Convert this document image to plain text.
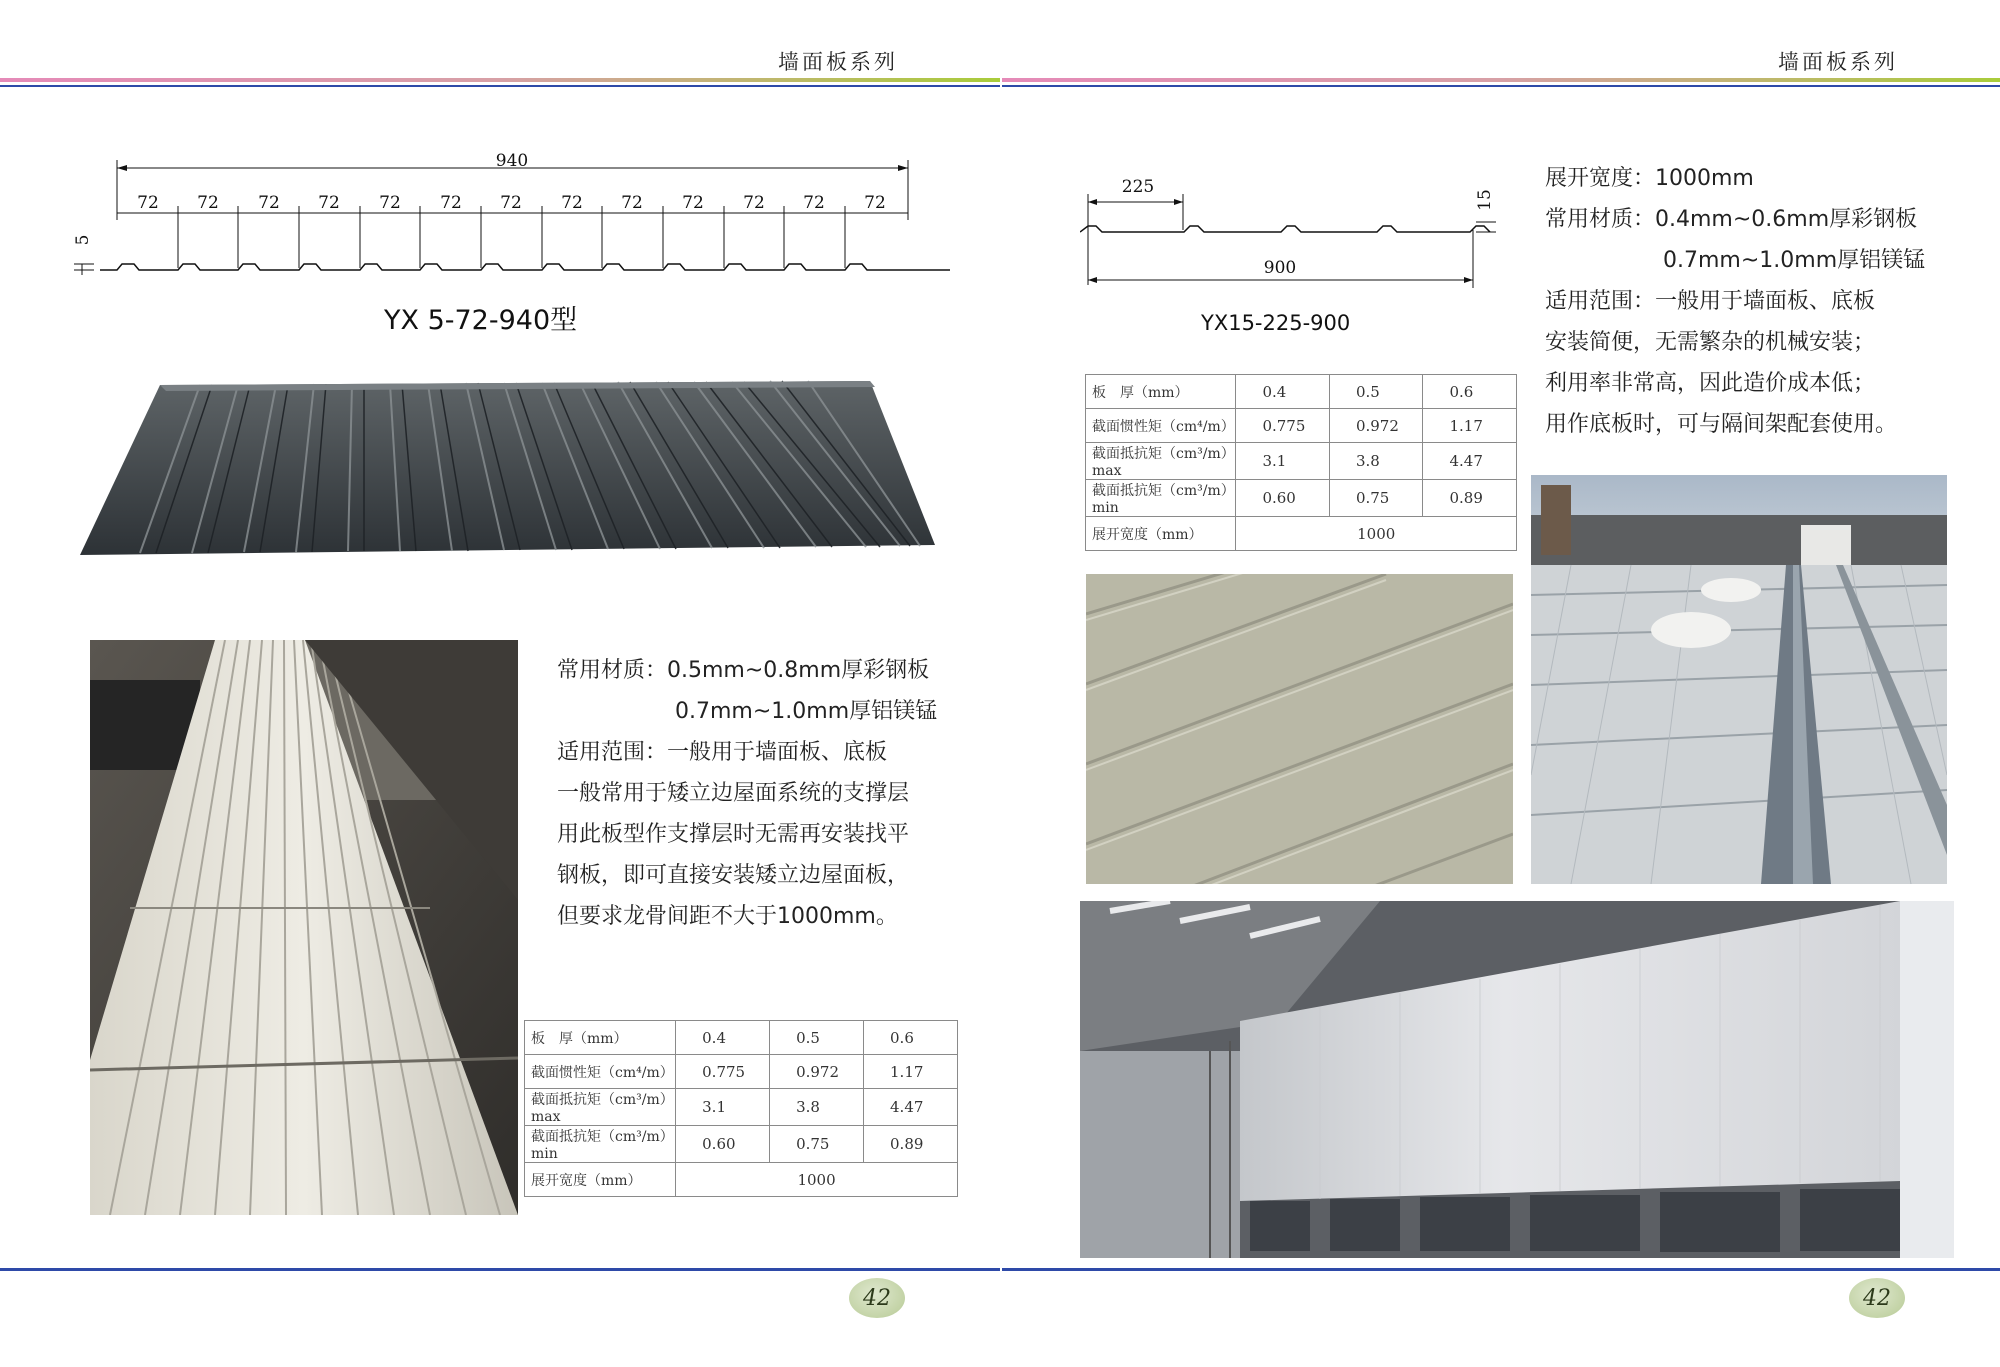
墙面板系列	墙面板系列
940
72 72 72 72 72 72 72 72 72 72 72 72 72
5
YX 5-72-940型
常用材质：0.5mm~0.8mm厚彩钢板
0.7mm~1.0mm厚铝镁锰
适用范围：一般用于墙面板、底板
一般常用于矮立边屋面系统的支撑层
用此板型作支撑层时无需再安装找平
钢板，即可直接安装矮立边屋面板，
但要求龙骨间距不大于1000mm。
板　厚（mm）	0.4	0.5	0.6
截面惯性矩（cm⁴/m）	0.775	0.972	1.17
截面抵抗矩（cm³/m）max	3.1	3.8	4.47
截面抵抗矩（cm³/m）min	0.60	0.75	0.89
展开宽度（mm）	1000		
225
900
15
YX15-225-900
板　厚（mm）	0.4	0.5	0.6
截面惯性矩（cm⁴/m）	0.775	0.972	1.17
截面抵抗矩（cm³/m）max	3.1	3.8	4.47
截面抵抗矩（cm³/m）min	0.60	0.75	0.89
展开宽度（mm）	1000		
展开宽度：1000mm
常用材质：0.4mm~0.6mm厚彩钢板
0.7mm~1.0mm厚铝镁锰
适用范围：一般用于墙面板、底板
安装简便，无需繁杂的机械安装；
利用率非常高，因此造价成本低；
用作底板时，可与隔间架配套使用。
42	42
